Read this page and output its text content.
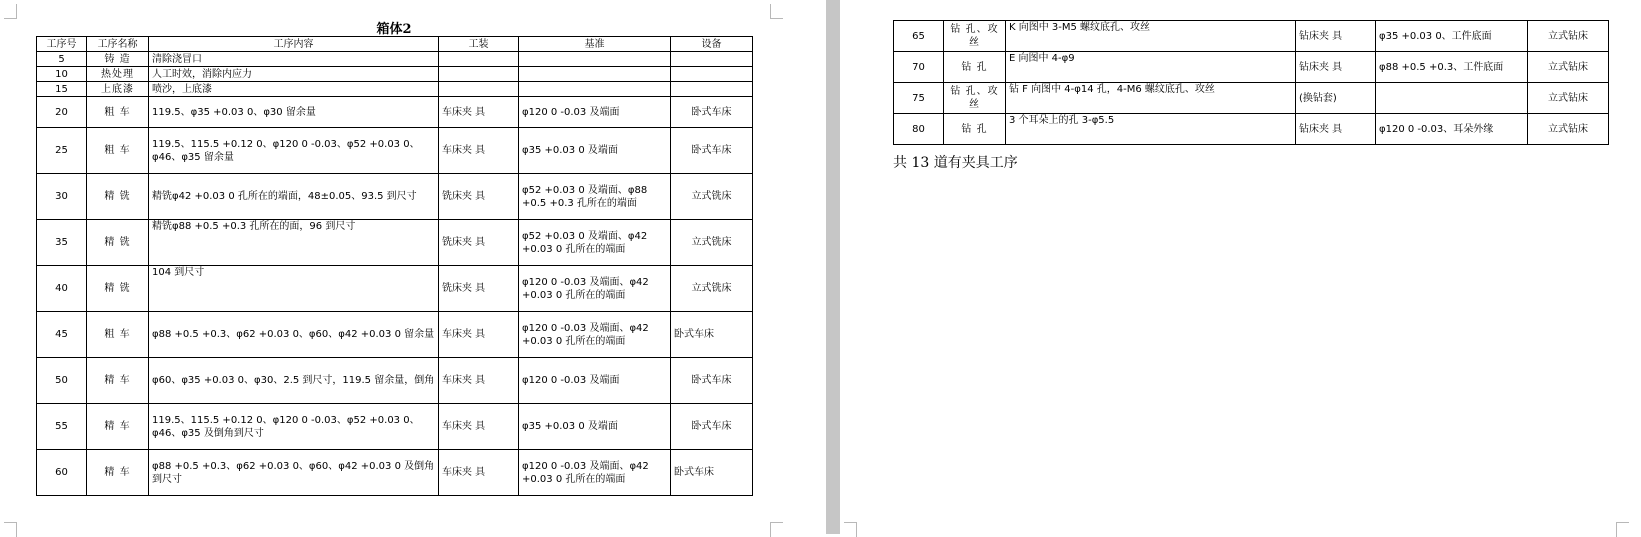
箱体2
工序号	工序名称	工序内容	工装	基准	设备
5	铸 造	清除浇冒口			
10	热处理	人工时效，消除内应力			
15	上底漆	喷沙，上底漆			
20	粗 车	119.5、φ35 +0.03 0、φ30 留余量	车床夹 具	φ120 0 -0.03 及端面	卧式车床
25	粗 车	119.5、115.5 +0.12 0、φ120 0 -0.03、φ52 +0.03 0、φ46、φ35 留余量	车床夹 具	φ35 +0.03 0 及端面	卧式车床
30	精 铣	精铣φ42 +0.03 0 孔所在的端面，48±0.05、93.5 到尺寸	铣床夹 具	φ52 +0.03 0 及端面、φ88 +0.5 +0.3 孔所在的端面	立式铣床
35	精 铣	精铣φ88 +0.5 +0.3 孔所在的面，96 到尺寸	铣床夹 具	φ52 +0.03 0 及端面、φ42 +0.03 0 孔所在的端面	立式铣床
40	精 铣	104 到尺寸	铣床夹 具	φ120 0 -0.03 及端面、φ42 +0.03 0 孔所在的端面	立式铣床
45	粗 车	φ88 +0.5 +0.3、φ62 +0.03 0、φ60、φ42 +0.03 0 留余量	车床夹 具	φ120 0 -0.03 及端面、φ42 +0.03 0 孔所在的端面	卧式车床
50	精 车	φ60、φ35 +0.03 0、φ30、2.5 到尺寸，119.5 留余量，倒角	车床夹 具	φ120 0 -0.03 及端面	卧式车床
55	精 车	119.5、115.5 +0.12 0、φ120 0 -0.03、φ52 +0.03 0、φ46、φ35 及倒角到尺寸	车床夹 具	φ35 +0.03 0 及端面	卧式车床
60	精 车	φ88 +0.5 +0.3、φ62 +0.03 0、φ60、φ42 +0.03 0 及倒角到尺寸	车床夹 具	φ120 0 -0.03 及端面、φ42 +0.03 0 孔所在的端面	卧式车床
65	钻 孔、攻丝	K 向图中 3-M5 螺纹底孔、攻丝	钻床夹 具	φ35 +0.03 0、工件底面	立式钻床
70	钻 孔	E 向图中 4-φ9	钻床夹 具	φ88 +0.5 +0.3、工件底面	立式钻床
75	钻 孔、攻丝	钻 F 向图中 4-φ14 孔，4-M6 螺纹底孔、攻丝	(换钻套)		立式钻床
80	钻 孔	3 个耳朵上的孔 3-φ5.5	钻床夹 具	φ120 0 -0.03、耳朵外缘	立式钻床
共 13 道有夹具工序
